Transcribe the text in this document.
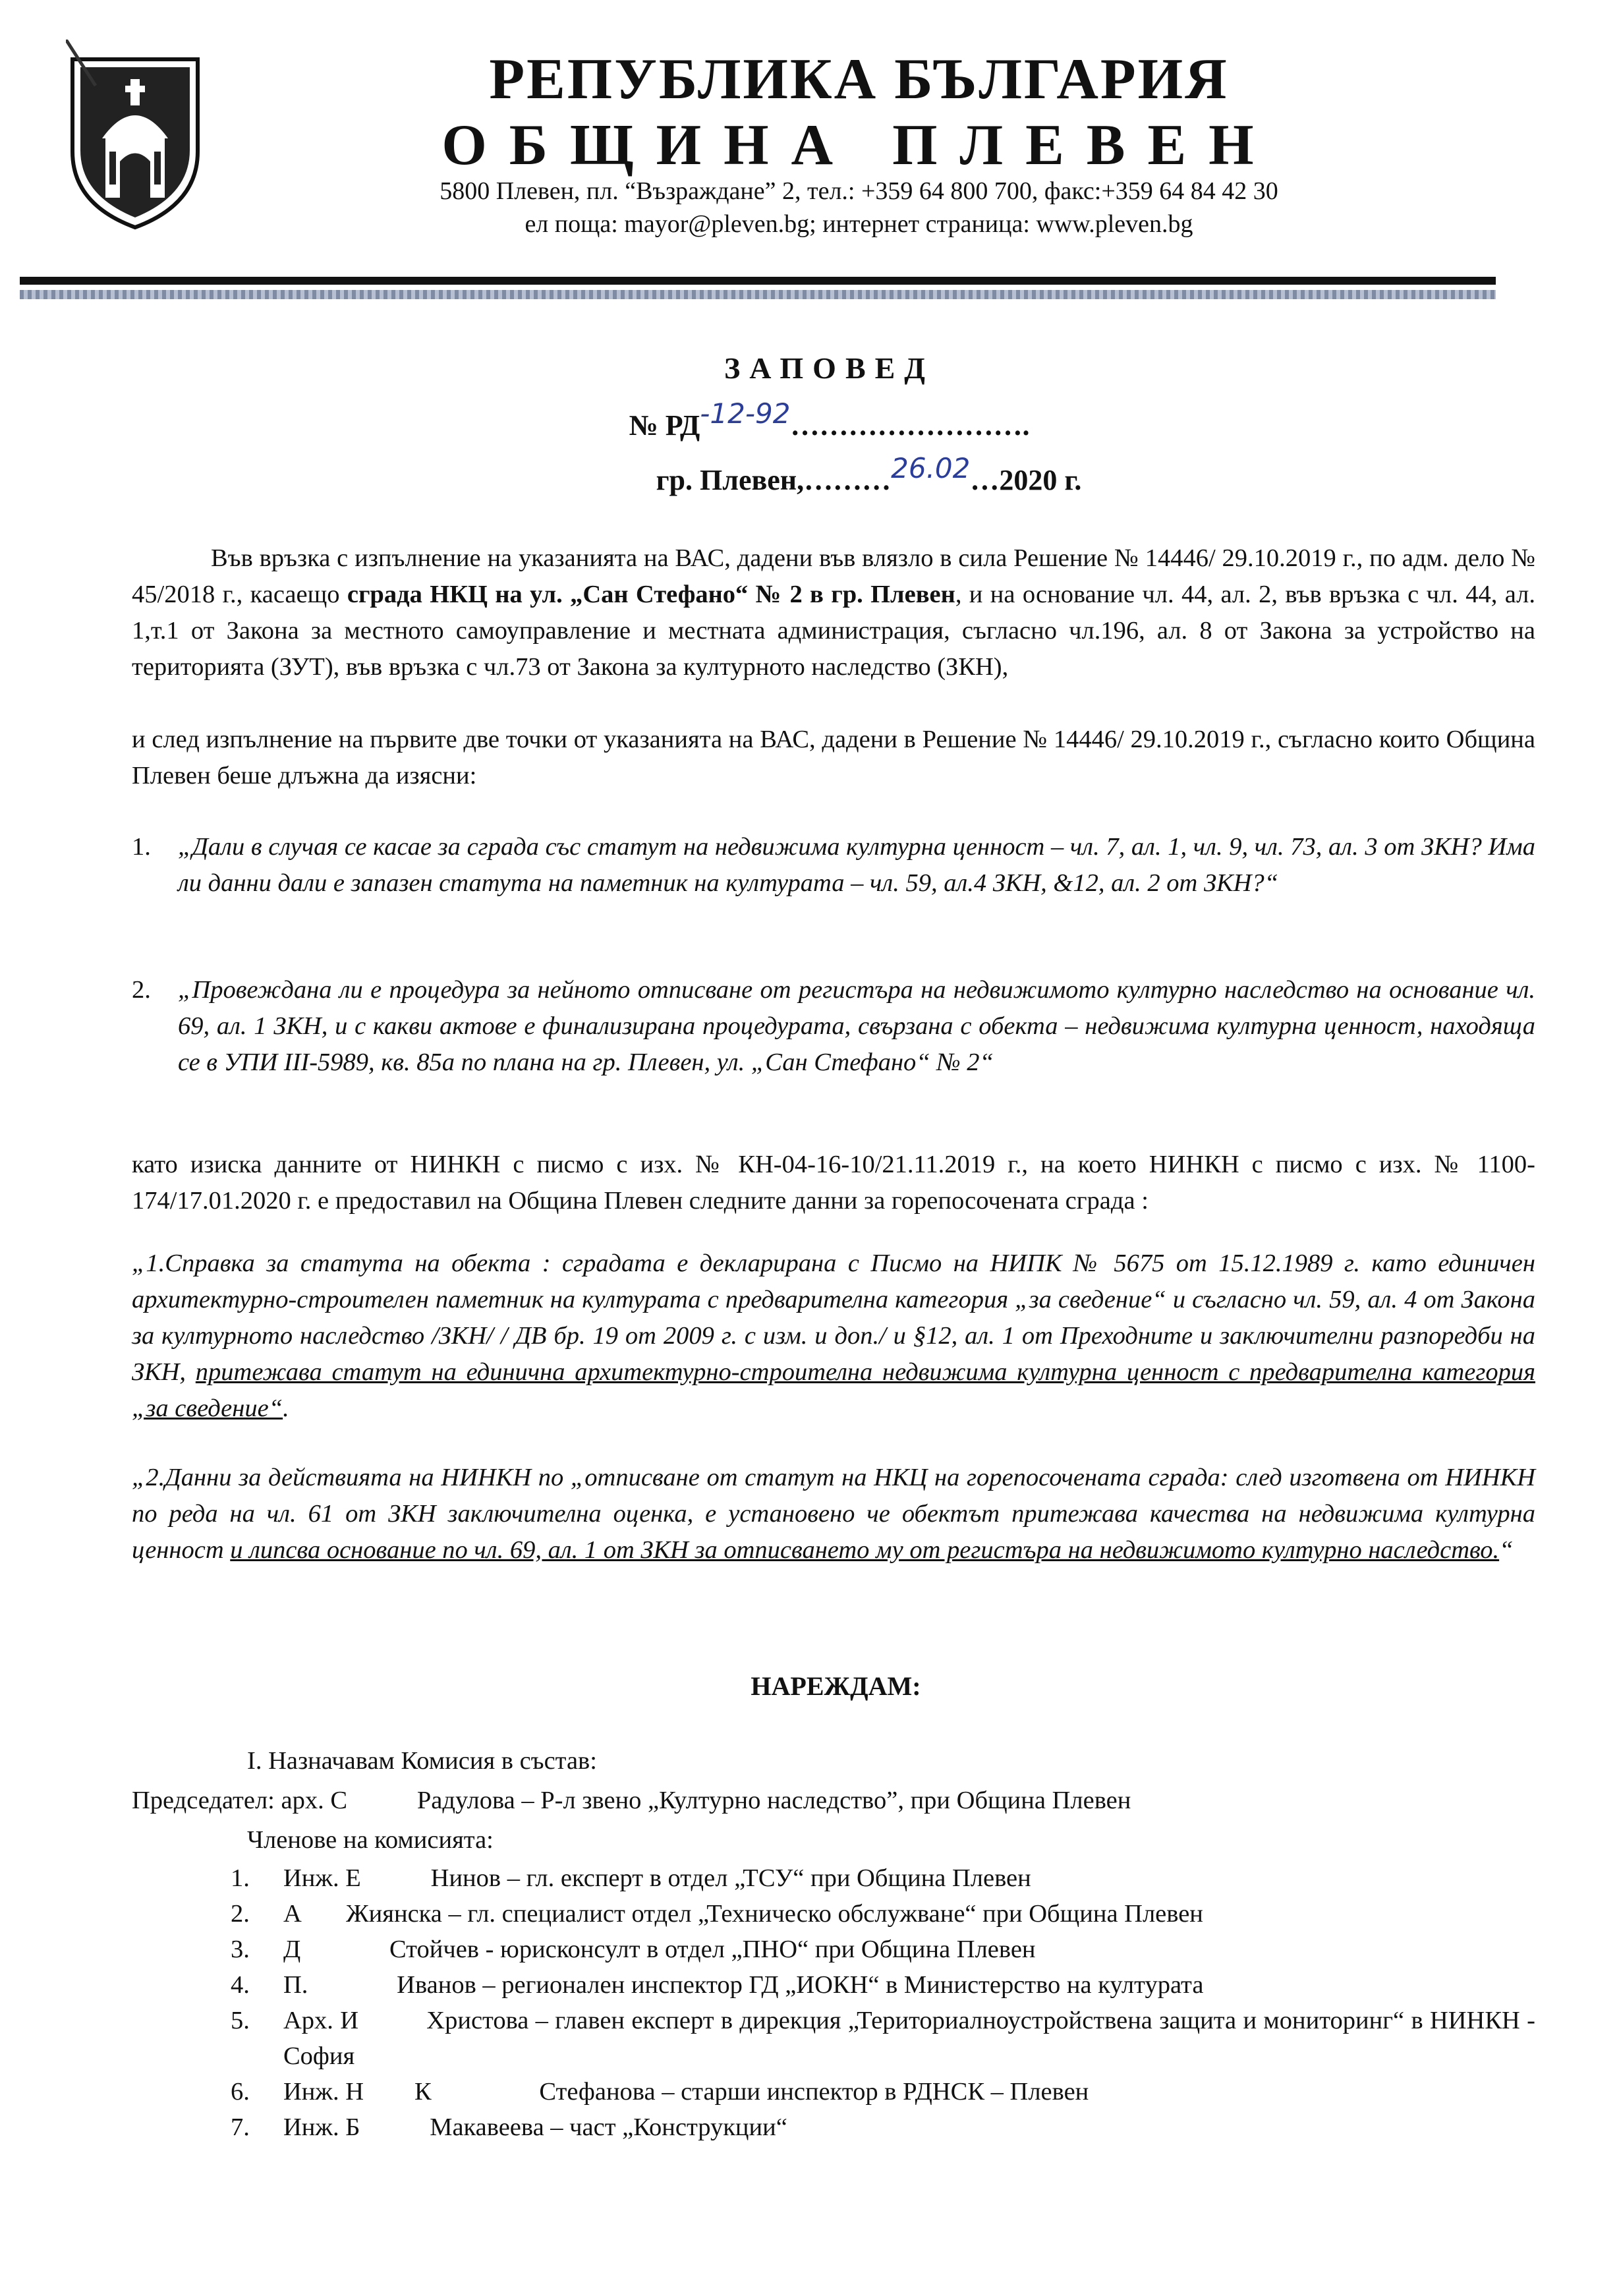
РЕПУБЛИКА БЪЛГАРИЯ
ОБЩИНА ПЛЕВЕН
5800 Плевен, пл. “Възраждане” 2, тел.: +359 64 800 700, факс:+359 64 84 42 30
ел поща: mayor@pleven.bg; интернет страница: www.pleven.bg
ЗАПОВЕД
№ РД-12-92…………………….
гр. Плевен,………26.02…2020 г.
Във връзка с изпълнение на указанията на ВАС, дадени във влязло в сила Решение № 14446/ 29.10.2019 г., по адм. дело № 45/2018 г., касаещо сграда НКЦ на ул. „Сан Стефано“ № 2 в гр. Плевен, и на основание чл. 44, ал. 2, във връзка с чл. 44, ал. 1,т.1 от Закона за местното самоуправление и местната администрация, съгласно чл.196, ал. 8 от Закона за устройство на територията (ЗУТ), във връзка с чл.73 от Закона за културното наследство (ЗКН),
и след изпълнение на първите две точки от указанията на ВАС, дадени в Решение № 14446/ 29.10.2019 г., съгласно които Община Плевен беше длъжна да изясни:
1. „Дали в случая се касае за сграда със статут на недвижима културна ценност – чл. 7, ал. 1, чл. 9, чл. 73, ал. 3 от ЗКН? Има ли данни дали е запазен статута на паметник на културата – чл. 59, ал.4 ЗКН, &12, ал. 2 от ЗКН?“
2. „Провеждана ли е процедура за нейното отписване от регистъра на недвижимото културно наследство на основание чл. 69, ал. 1 ЗКН, и с какви актове е финализирана процедурата, свързана с обекта – недвижима културна ценност, находяща се в УПИ III-5989, кв. 85а по плана на гр. Плевен, ул. „Сан Стефано“ № 2“
като изиска данните от НИНКН с писмо с изх. № КН-04-16-10/21.11.2019 г., на което НИНКН с писмо с изх. № 1100-174/17.01.2020 г. е предоставил на Община Плевен следните данни за горепосочената сграда :
„1.Справка за статута на обекта : сградата е декларирана с Писмо на НИПК № 5675 от 15.12.1989 г. като единичен архитектурно-строителен паметник на културата с предварителна категория „за сведение“ и съгласно чл. 59, ал. 4 от Закона за културното наследство /ЗКН/ / ДВ бр. 19 от 2009 г. с изм. и доп./ и §12, ал. 1 от Преходните и заключителни разпоредби на ЗКН, притежава статут на единична архитектурно-строителна недвижима културна ценност с предварителна категория „за сведение“.
„2.Данни за действията на НИНКН по „отписване от статут на НКЦ на горепосочената сграда: след изготвена от НИНКН по реда на чл. 61 от ЗКН заключителна оценка, е установено че обектът притежава качества на недвижима културна ценност и липсва основание по чл. 69, ал. 1 от ЗКН за отписването му от регистъра на недвижимото културно наследство.“
НАРЕЖДАМ:
I. Назначавам Комисия в състав:
Председател: арх. С           Радулова – Р-л звено „Културно наследство”, при Община Плевен
Членове на комисията:
1. Инж. Е           Нинов – гл. експерт в отдел „ТСУ“ при Община Плевен
2. А       Жиянска – гл. специалист отдел „Техническо обслужване“ при Община Плевен
3. Д              Стойчев - юрисконсулт в отдел „ПНО“ при Община Плевен
4. П.              Иванов – регионален инспектор ГД „ИОКН“ в Министерство на културата
5. Арх. И          Христова – главен експерт в дирекция „Териториалноустройствена защита и мониторинг“ в НИНКН - София
6. Инж. Н        К                 Стефанова – старши инспектор в РДНСК – Плевен
7. Инж. Б           Макавеева – част „Конструкции“
